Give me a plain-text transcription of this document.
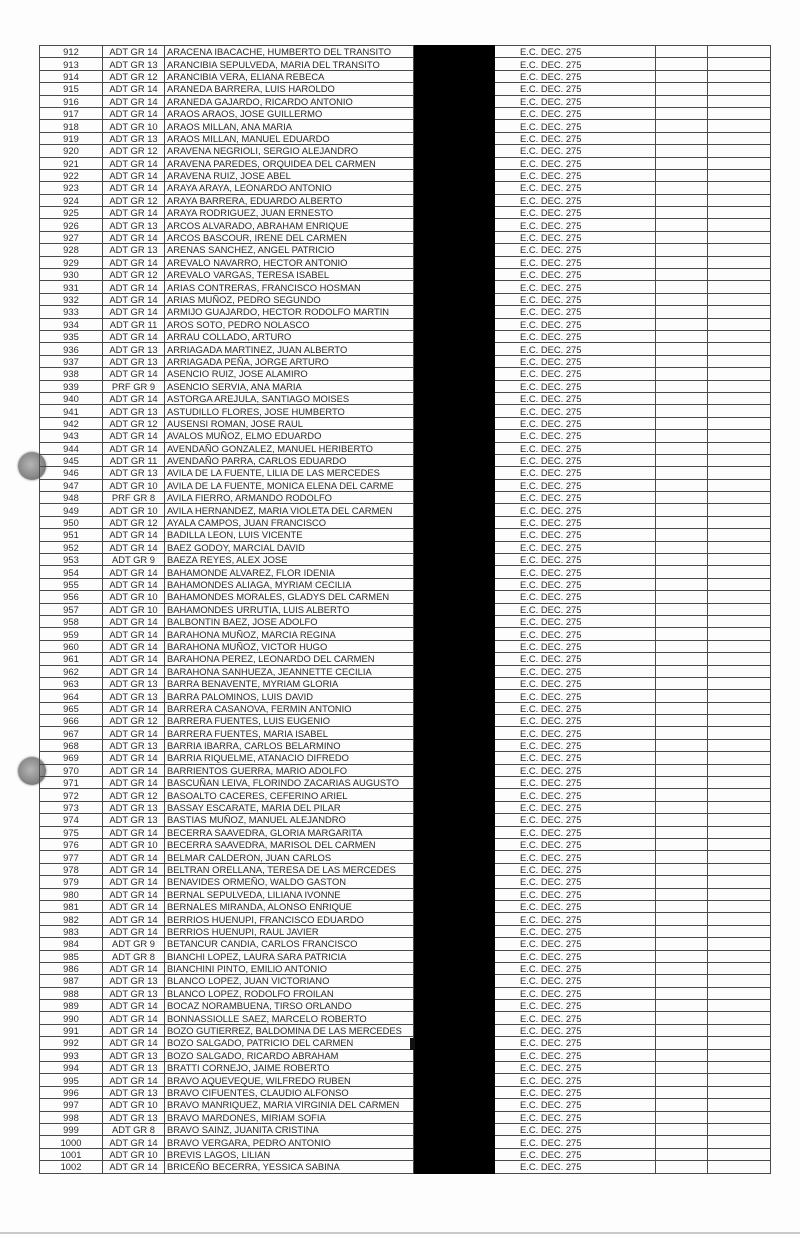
912	ADT GR 14	ARACENA IBACACHE, HUMBERTO DEL TRANSITO		E.C. DEC. 275		
913	ADT GR 13	ARANCIBIA SEPULVEDA, MARIA DEL TRANSITO		E.C. DEC. 275		
914	ADT GR 12	ARANCIBIA VERA, ELIANA REBECA		E.C. DEC. 275		
915	ADT GR 14	ARANEDA BARRERA, LUIS HAROLDO		E.C. DEC. 275		
916	ADT GR 14	ARANEDA GAJARDO, RICARDO ANTONIO		E.C. DEC. 275		
917	ADT GR 14	ARAOS ARAOS, JOSE GUILLERMO		E.C. DEC. 275		
918	ADT GR 10	ARAOS MILLAN, ANA MARIA		E.C. DEC. 275		
919	ADT GR 13	ARAOS MILLAN, MANUEL EDUARDO		E.C. DEC. 275		
920	ADT GR 12	ARAVENA NEGRIOLI, SERGIO ALEJANDRO		E.C. DEC. 275		
921	ADT GR 14	ARAVENA PAREDES, ORQUIDEA DEL CARMEN		E.C. DEC. 275		
922	ADT GR 14	ARAVENA RUIZ, JOSE ABEL		E.C. DEC. 275		
923	ADT GR 14	ARAYA ARAYA, LEONARDO ANTONIO		E.C. DEC. 275		
924	ADT GR 12	ARAYA BARRERA, EDUARDO ALBERTO		E.C. DEC. 275		
925	ADT GR 14	ARAYA RODRIGUEZ, JUAN ERNESTO		E.C. DEC. 275		
926	ADT GR 13	ARCOS ALVARADO, ABRAHAM ENRIQUE		E.C. DEC. 275		
927	ADT GR 14	ARCOS BASCOUR, IRENE DEL CARMEN		E.C. DEC. 275		
928	ADT GR 13	ARENAS SANCHEZ, ANGEL PATRICIO		E.C. DEC. 275		
929	ADT GR 14	AREVALO NAVARRO, HECTOR ANTONIO		E.C. DEC. 275		
930	ADT GR 12	AREVALO VARGAS, TERESA ISABEL		E.C. DEC. 275		
931	ADT GR 14	ARIAS CONTRERAS, FRANCISCO HOSMAN		E.C. DEC. 275		
932	ADT GR 14	ARIAS MUÑOZ, PEDRO SEGUNDO		E.C. DEC. 275		
933	ADT GR 14	ARMIJO GUAJARDO, HECTOR RODOLFO MARTIN		E.C. DEC. 275		
934	ADT GR 11	AROS SOTO, PEDRO NOLASCO		E.C. DEC. 275		
935	ADT GR 14	ARRAU COLLADO, ARTURO		E.C. DEC. 275		
936	ADT GR 13	ARRIAGADA MARTINEZ, JUAN ALBERTO		E.C. DEC. 275		
937	ADT GR 13	ARRIAGADA PEÑA, JORGE ARTURO		E.C. DEC. 275		
938	ADT GR 14	ASENCIO RUIZ, JOSE ALAMIRO		E.C. DEC. 275		
939	PRF GR 9	ASENCIO SERVIA, ANA MARIA		E.C. DEC. 275		
940	ADT GR 14	ASTORGA AREJULA, SANTIAGO MOISES		E.C. DEC. 275		
941	ADT GR 13	ASTUDILLO FLORES, JOSE HUMBERTO		E.C. DEC. 275		
942	ADT GR 12	AUSENSI ROMAN, JOSE RAUL		E.C. DEC. 275		
943	ADT GR 14	AVALOS MUÑOZ, ELMO EDUARDO		E.C. DEC. 275		
944	ADT GR 14	AVENDAÑO GONZALEZ, MANUEL HERIBERTO		E.C. DEC. 275		
945	ADT GR 11	AVENDAÑO PARRA, CARLOS EDUARDO		E.C. DEC. 275		
946	ADT GR 13	AVILA DE LA FUENTE, LILIA DE LAS MERCEDES		E.C. DEC. 275		
947	ADT GR 10	AVILA DE LA FUENTE, MONICA ELENA DEL CARME		E.C. DEC. 275		
948	PRF GR 8	AVILA FIERRO, ARMANDO RODOLFO		E.C. DEC. 275		
949	ADT GR 10	AVILA HERNANDEZ, MARIA VIOLETA DEL CARMEN		E.C. DEC. 275		
950	ADT GR 12	AYALA CAMPOS, JUAN FRANCISCO		E.C. DEC. 275		
951	ADT GR 14	BADILLA LEON, LUIS VICENTE		E.C. DEC. 275		
952	ADT GR 14	BAEZ GODOY, MARCIAL DAVID		E.C. DEC. 275		
953	ADT GR 9	BAEZA REYES, ALEX JOSE		E.C. DEC. 275		
954	ADT GR 14	BAHAMONDE ALVAREZ, FLOR IDENIA		E.C. DEC. 275		
955	ADT GR 14	BAHAMONDES ALIAGA, MYRIAM CECILIA		E.C. DEC. 275		
956	ADT GR 10	BAHAMONDES MORALES, GLADYS DEL CARMEN		E.C. DEC. 275		
957	ADT GR 10	BAHAMONDES URRUTIA, LUIS ALBERTO		E.C. DEC. 275		
958	ADT GR 14	BALBONTIN BAEZ, JOSE ADOLFO		E.C. DEC. 275		
959	ADT GR 14	BARAHONA MUÑOZ, MARCIA REGINA		E.C. DEC. 275		
960	ADT GR 14	BARAHONA MUÑOZ, VICTOR HUGO		E.C. DEC. 275		
961	ADT GR 14	BARAHONA PEREZ, LEONARDO DEL CARMEN		E.C. DEC. 275		
962	ADT GR 14	BARAHONA SANHUEZA, JEANNETTE CECILIA		E.C. DEC. 275		
963	ADT GR 13	BARRA BENAVENTE, MYRIAM GLORIA		E.C. DEC. 275		
964	ADT GR 13	BARRA PALOMINOS, LUIS DAVID		E.C. DEC. 275		
965	ADT GR 14	BARRERA CASANOVA, FERMIN ANTONIO		E.C. DEC. 275		
966	ADT GR 12	BARRERA FUENTES, LUIS EUGENIO		E.C. DEC. 275		
967	ADT GR 14	BARRERA FUENTES, MARIA ISABEL		E.C. DEC. 275		
968	ADT GR 13	BARRIA IBARRA, CARLOS BELARMINO		E.C. DEC. 275		
969	ADT GR 14	BARRIA RIQUELME, ATANACIO DIFREDO		E.C. DEC. 275		
970	ADT GR 14	BARRIENTOS GUERRA, MARIO ADOLFO		E.C. DEC. 275		
971	ADT GR 14	BASCUÑAN LEIVA, FLORINDO ZACARIAS AUGUSTO		E.C. DEC. 275		
972	ADT GR 12	BASOALTO CACERES, CEFERINO ARIEL		E.C. DEC. 275		
973	ADT GR 13	BASSAY ESCARATE, MARIA DEL PILAR		E.C. DEC. 275		
974	ADT GR 13	BASTIAS MUÑOZ, MANUEL ALEJANDRO		E.C. DEC. 275		
975	ADT GR 14	BECERRA SAAVEDRA, GLORIA MARGARITA		E.C. DEC. 275		
976	ADT GR 10	BECERRA SAAVEDRA, MARISOL DEL CARMEN		E.C. DEC. 275		
977	ADT GR 14	BELMAR CALDERON, JUAN CARLOS		E.C. DEC. 275		
978	ADT GR 14	BELTRAN ORELLANA, TERESA DE LAS MERCEDES		E.C. DEC. 275		
979	ADT GR 14	BENAVIDES ORMEÑO, WALDO GASTON		E.C. DEC. 275		
980	ADT GR 14	BERNAL SEPULVEDA, LILIANA IVONNE		E.C. DEC. 275		
981	ADT GR 14	BERNALES MIRANDA, ALONSO ENRIQUE		E.C. DEC. 275		
982	ADT GR 14	BERRIOS HUENUPI, FRANCISCO EDUARDO		E.C. DEC. 275		
983	ADT GR 14	BERRIOS HUENUPI, RAUL JAVIER		E.C. DEC. 275		
984	ADT GR 9	BETANCUR CANDIA, CARLOS FRANCISCO		E.C. DEC. 275		
985	ADT GR 8	BIANCHI LOPEZ, LAURA SARA PATRICIA		E.C. DEC. 275		
986	ADT GR 14	BIANCHINI PINTO, EMILIO ANTONIO		E.C. DEC. 275		
987	ADT GR 13	BLANCO LOPEZ, JUAN VICTORIANO		E.C. DEC. 275		
988	ADT GR 13	BLANCO LOPEZ, RODOLFO FROILAN		E.C. DEC. 275		
989	ADT GR 14	BOCAZ NORAMBUENA, TIRSO ORLANDO		E.C. DEC. 275		
990	ADT GR 14	BONNASSIOLLE SAEZ, MARCELO ROBERTO		E.C. DEC. 275		
991	ADT GR 14	BOZO GUTIERREZ, BALDOMINA DE LAS MERCEDES		E.C. DEC. 275		
992	ADT GR 14	BOZO SALGADO, PATRICIO DEL CARMEN		E.C. DEC. 275		
993	ADT GR 13	BOZO SALGADO, RICARDO ABRAHAM		E.C. DEC. 275		
994	ADT GR 13	BRATTI CORNEJO, JAIME ROBERTO		E.C. DEC. 275		
995	ADT GR 14	BRAVO AQUEVEQUE, WILFREDO RUBEN		E.C. DEC. 275		
996	ADT GR 13	BRAVO CIFUENTES, CLAUDIO ALFONSO		E.C. DEC. 275		
997	ADT GR 10	BRAVO MANRIQUEZ, MARIA VIRGINIA DEL CARMEN		E.C. DEC. 275		
998	ADT GR 13	BRAVO MARDONES, MIRIAM SOFIA		E.C. DEC. 275		
999	ADT GR 8	BRAVO SAINZ, JUANITA CRISTINA		E.C. DEC. 275		
1000	ADT GR 14	BRAVO VERGARA, PEDRO ANTONIO		E.C. DEC. 275		
1001	ADT GR 10	BREVIS LAGOS, LILIAN		E.C. DEC. 275		
1002	ADT GR 14	BRICEÑO BECERRA, YESSICA SABINA		E.C. DEC. 275		
